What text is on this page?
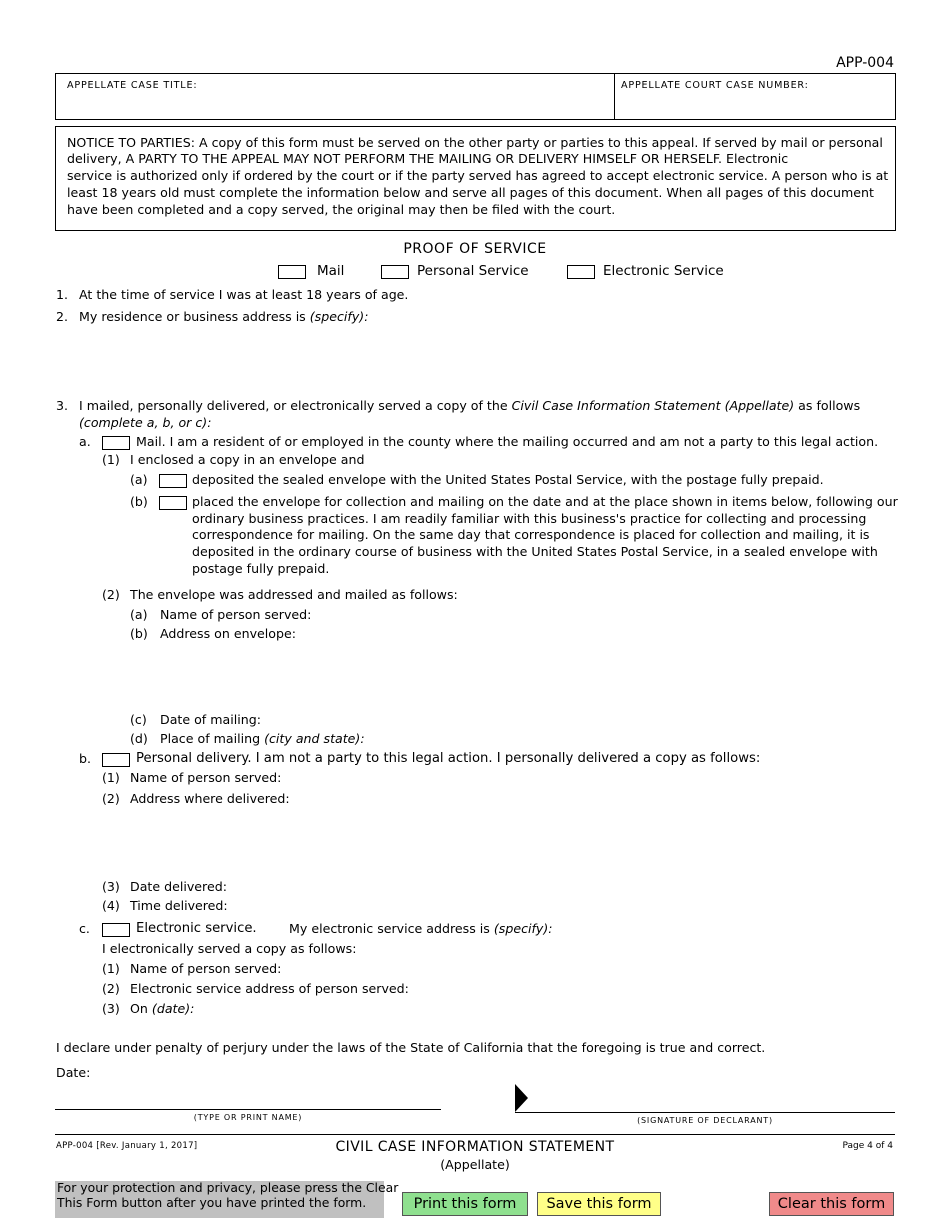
APP-004
APPELLATE CASE TITLE:	APPELLATE COURT CASE NUMBER:
NOTICE TO PARTIES: A copy of this form must be served on the other party or parties to this appeal. If served by mail or personal
delivery, A PARTY TO THE APPEAL MAY NOT PERFORM THE MAILING OR DELIVERY HIMSELF OR HERSELF. Electronic
service is authorized only if ordered by the court or if the party served has agreed to accept electronic service. A person who is at
least 18 years old must complete the information below and serve all pages of this document. When all pages of this document
have been completed and a copy served, the original may then be filed with the court.
PROOF OF SERVICE
Mail	Personal Service	Electronic Service
1. At the time of service I was at least 18 years of age.
2. My residence or business address is (specify):
3. I mailed, personally delivered, or electronically served a copy of the Civil Case Information Statement (Appellate) as follows
(complete a, b, or c):
a.	Mail. I am a resident of or employed in the county where the mailing occurred and am not a party to this legal action.
(1) I enclosed a copy in an envelope and
(a)	deposited the sealed envelope with the United States Postal Service, with the postage fully prepaid.
(b)	placed the envelope for collection and mailing on the date and at the place shown in items below, following our
ordinary business practices. I am readily familiar with this business's practice for collecting and processing
correspondence for mailing. On the same day that correspondence is placed for collection and mailing, it is
deposited in the ordinary course of business with the United States Postal Service, in a sealed envelope with
postage fully prepaid.
(2) The envelope was addressed and mailed as follows:
(a) Name of person served:
(b) Address on envelope:
(c) Date of mailing:
(d) Place of mailing (city and state):
b.	Personal delivery. I am not a party to this legal action. I personally delivered a copy as follows:
(1) Name of person served:
(2) Address where delivered:
(3) Date delivered:
(4) Time delivered:
c.	Electronic service.	My electronic service address is (specify):
I electronically served a copy as follows:
(1) Name of person served:
(2) Electronic service address of person served:
(3) On (date):
I declare under penalty of perjury under the laws of the State of California that the foregoing is true and correct.
Date:
(TYPE OR PRINT NAME)	(SIGNATURE OF DECLARANT)
APP-004 [Rev. January 1, 2017]	CIVIL CASE INFORMATION STATEMENT
(Appellate)
Page 4 of 4
For your protection and privacy, please press the Clear
This Form button after you have printed the form.	Print this form	Save this form	Clear this form
